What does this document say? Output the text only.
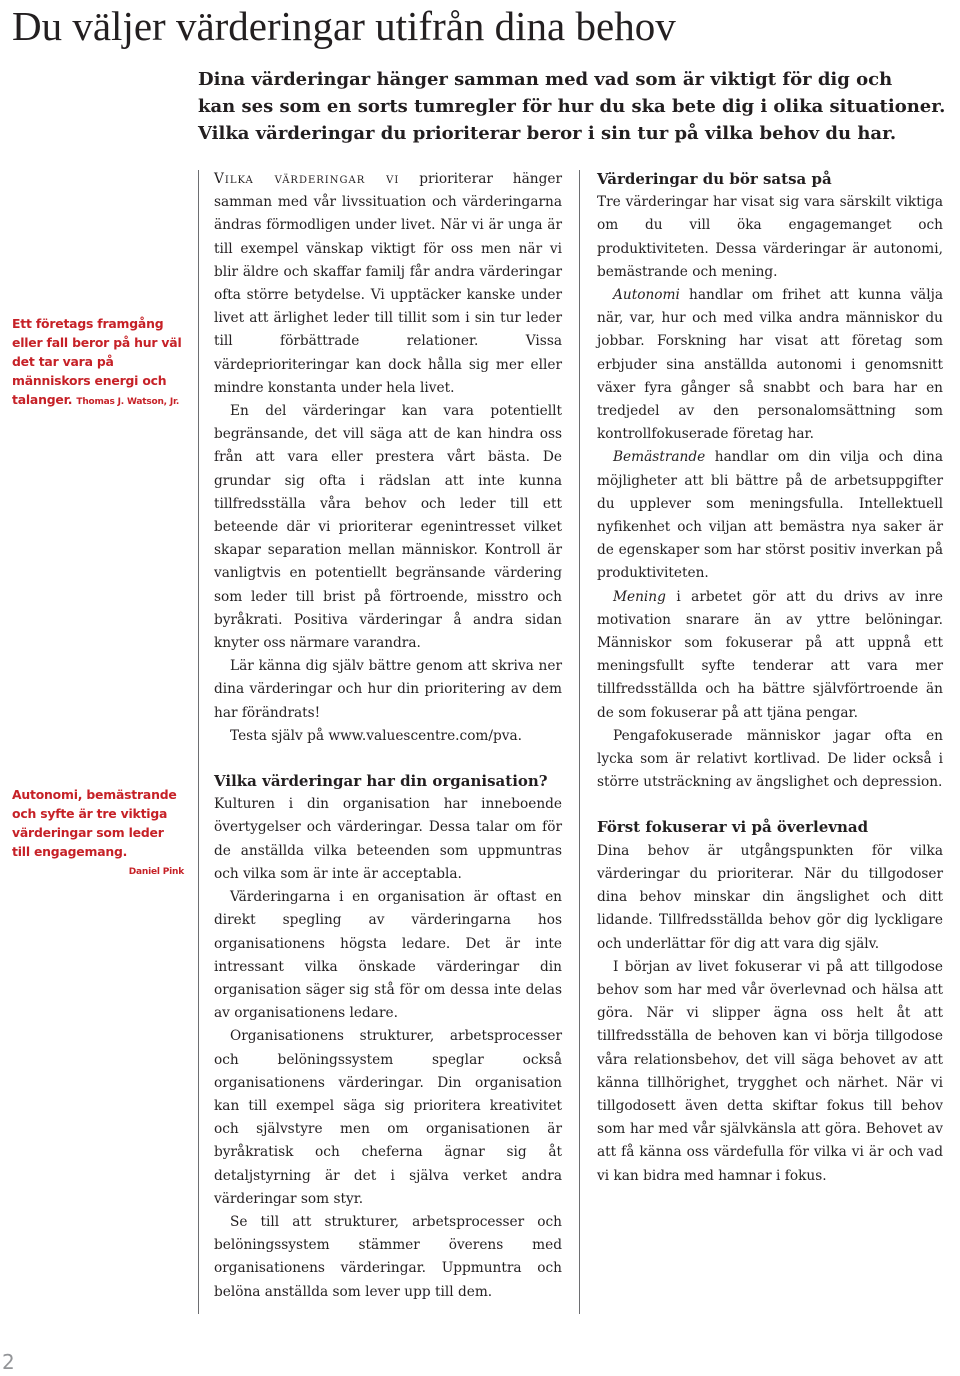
Du väljer värderingar utifrån dina behov
Dina värderingar hänger samman med vad som är viktigt för dig och
kan ses som en sorts tumregler för hur du ska bete dig i olika situationer.
Vilka värderingar du prioriterar beror i sin tur på vilka behov du har.
Ett företags framgång eller fall beror på hur väl det tar vara på människors energi och talanger. Thomas J. Watson, Jr.
Autonomi, bemästrande och syfte är tre viktiga värderingar som leder till engagemang.
Daniel Pink

Vilka värderingar vi prioriterar hänger samman med vår livssituation och värderingarna ändras förmodligen under livet. När vi är unga är till exempel vänskap viktigt för oss men när vi blir äldre och skaffar familj får andra värderingar ofta större betydelse. Vi upptäcker kanske under livet att ärlighet leder till tillit som i sin tur leder till förbättrade relationer. Vissa värdeprioriteringar kan dock hålla sig mer eller mindre konstanta under hela livet.

En del värderingar kan vara potentiellt begränsande, det vill säga att de kan hindra oss från att vara eller prestera vårt bästa. De grundar sig ofta i rädslan att inte kunna tillfredsställa våra behov och leder till ett beteende där vi prioriterar egenintresset vilket skapar separation mellan människor. Kontroll är vanligtvis en potentiellt begränsande värdering som leder till brist på förtroende, misstro och byråkrati. Positiva värderingar å andra sidan knyter oss närmare varandra.

Lär känna dig själv bättre genom att skriva ner dina värderingar och hur din prioritering av dem har förändrats!

Testa själv på www.valuescentre.com/pva.

Vilka värderingar har din organisation?

Kulturen i din organisation har inneboende övertygelser och värderingar. Dessa talar om för de anställda vilka beteenden som uppmuntras och vilka som är inte är acceptabla.

Värderingarna i en organisation är oftast en direkt spegling av värderingarna hos organisationens högsta ledare. Det är inte intressant vilka önskade värderingar din organisation säger sig stå för om dessa inte delas av organisationens ledare.

Organisationens strukturer, arbetsprocesser och belöningssystem speglar också organisationens värderingar. Din organisation kan till exempel säga sig prioritera kreativitet och självstyre men om organisationen är byråkratisk och cheferna ägnar sig åt detaljstyrning är det i själva verket andra värderingar som styr.

Se till att strukturer, arbetsprocesser och belöningssystem stämmer överens med organisationens värderingar. Uppmuntra och belöna anställda som lever upp till dem.

Värderingar du bör satsa på

Tre värderingar har visat sig vara särskilt viktiga om du vill öka engagemanget och produktiviteten. Dessa värderingar är autonomi, bemästrande och mening.

Autonomi handlar om frihet att kunna välja när, var, hur och med vilka andra människor du jobbar. Forskning har visat att företag som erbjuder sina anställda autonomi i genomsnitt växer fyra gånger så snabbt och bara har en tredjedel av den personalomsättning som kontrollfokuserade företag har.

Bemästrande handlar om din vilja och dina möjligheter att bli bättre på de arbetsuppgifter du upplever som meningsfulla. Intellektuell nyfikenhet och viljan att bemästra nya saker är de egenskaper som har störst positiv inverkan på produktiviteten.

Mening i arbetet gör att du drivs av inre motivation snarare än av yttre belöningar. Människor som fokuserar på att uppnå ett meningsfullt syfte tenderar att vara mer tillfredsställda och ha bättre självförtroende än de som fokuserar på att tjäna pengar.

Pengafokuserade människor jagar ofta en lycka som är relativt kortlivad. De lider också i större utsträckning av ängslighet och depression.

Först fokuserar vi på överlevnad

Dina behov är utgångspunkten för vilka värderingar du prioriterar. När du tillgodoser dina behov minskar din ängslighet och ditt lidande. Tillfredsställda behov gör dig lyckligare och underlättar för dig att vara dig själv.

I början av livet fokuserar vi på att tillgodose behov som har med vår överlevnad och hälsa att göra. När vi slipper ägna oss helt åt att tillfredsställa de behoven kan vi börja tillgodose våra relationsbehov, det vill säga behovet av att känna tillhörighet, trygghet och närhet. När vi tillgodosett även detta skiftar fokus till behov som har med vår självkänsla att göra. Behovet av att få känna oss värdefulla för vilka vi är och vad vi kan bidra med hamnar i fokus.

2
